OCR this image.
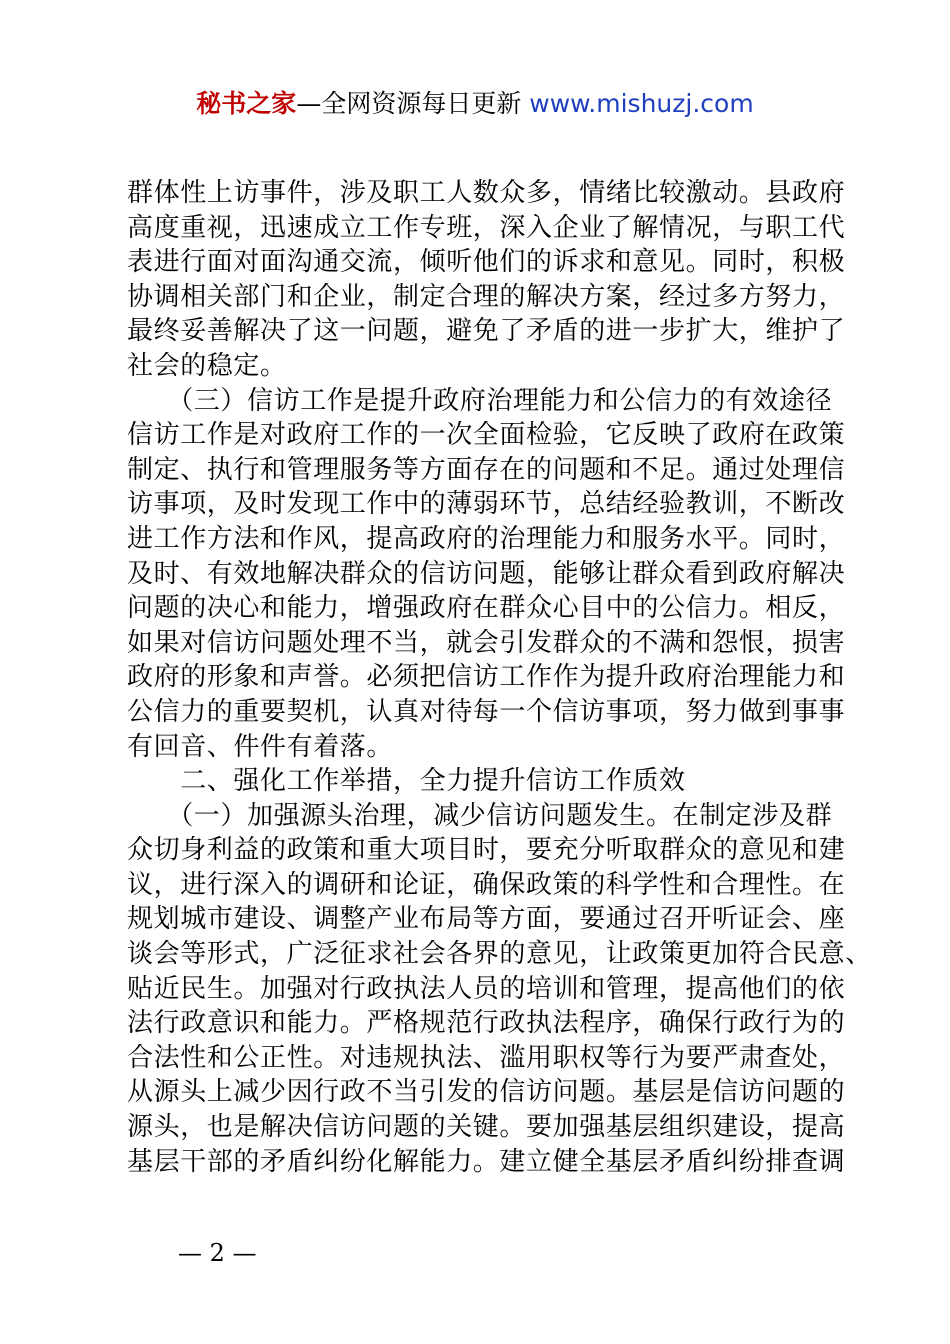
秘书之家—全网资源每日更新 www.mishuzj.com
群体性上访事件，涉及职工人数众多，情绪比较激动。县政府
高度重视，迅速成立工作专班，深入企业了解情况，与职工代
表进行面对面沟通交流，倾听他们的诉求和意见。同时，积极
协调相关部门和企业，制定合理的解决方案，经过多方努力，
最终妥善解决了这一问题，避免了矛盾的进一步扩大，维护了
社会的稳定。
　　（三）信访工作是提升政府治理能力和公信力的有效途径
信访工作是对政府工作的一次全面检验，它反映了政府在政策
制定、执行和管理服务等方面存在的问题和不足。通过处理信
访事项，及时发现工作中的薄弱环节，总结经验教训，不断改
进工作方法和作风，提高政府的治理能力和服务水平。同时，
及时、有效地解决群众的信访问题，能够让群众看到政府解决
问题的决心和能力，增强政府在群众心目中的公信力。相反，
如果对信访问题处理不当，就会引发群众的不满和怨恨，损害
政府的形象和声誉。必须把信访工作作为提升政府治理能力和
公信力的重要契机，认真对待每一个信访事项，努力做到事事
有回音、件件有着落。
　　二、强化工作举措，全力提升信访工作质效
　　（一）加强源头治理，减少信访问题发生。在制定涉及群
众切身利益的政策和重大项目时，要充分听取群众的意见和建
议，进行深入的调研和论证，确保政策的科学性和合理性。在
规划城市建设、调整产业布局等方面，要通过召开听证会、座
谈会等形式，广泛征求社会各界的意见，让政策更加符合民意、
贴近民生。加强对行政执法人员的培训和管理，提高他们的依
法行政意识和能力。严格规范行政执法程序，确保行政行为的
合法性和公正性。对违规执法、滥用职权等行为要严肃查处，
从源头上减少因行政不当引发的信访问题。基层是信访问题的
源头，也是解决信访问题的关键。要加强基层组织建设，提高
基层干部的矛盾纠纷化解能力。建立健全基层矛盾纠纷排查调
— 2 —
